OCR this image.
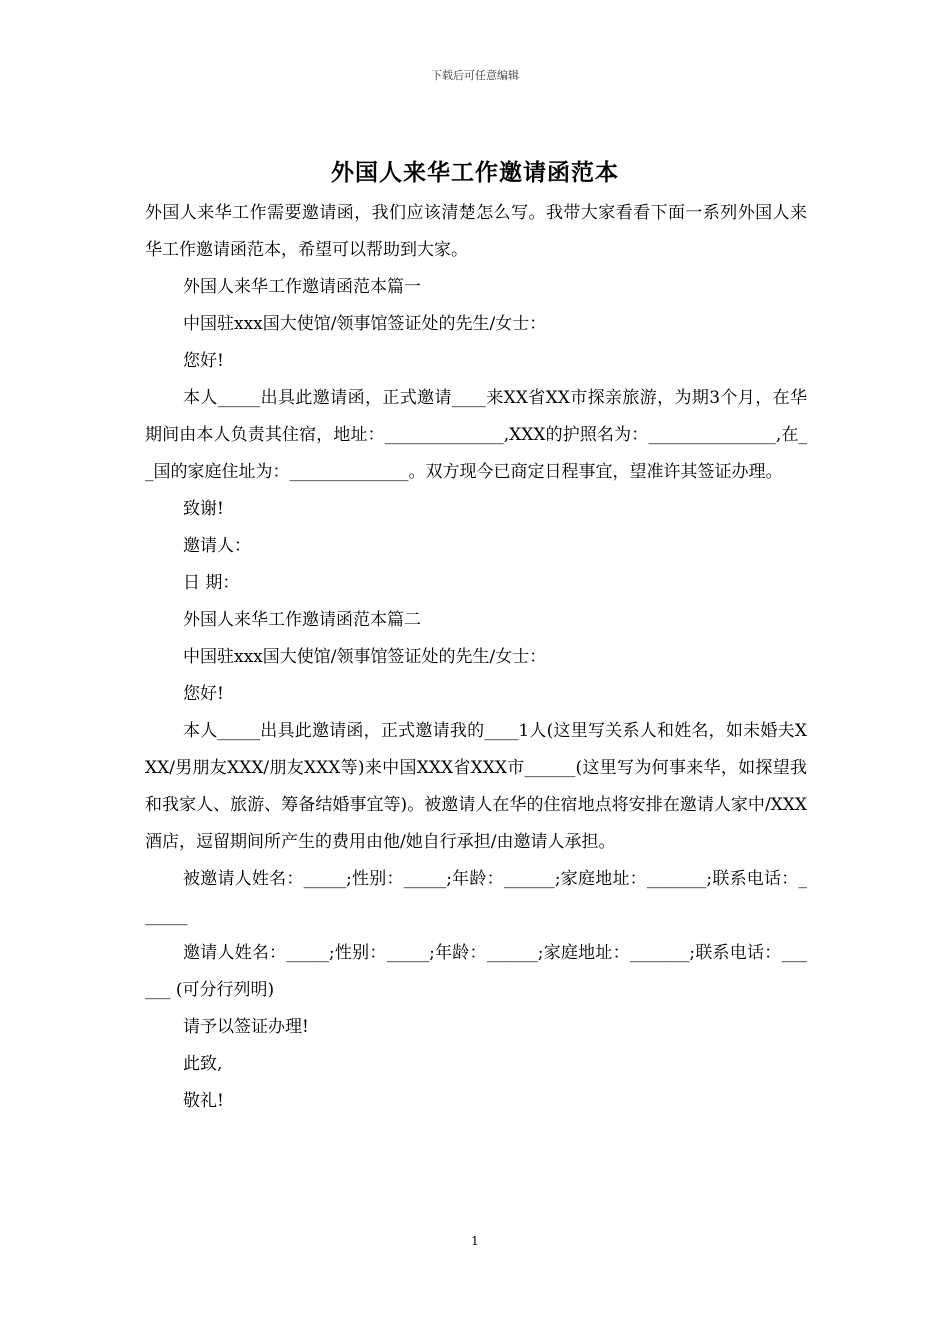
下载后可任意编辑
外国人来华工作邀请函范本

外国人来华工作需要邀请函，我们应该清楚怎么写。我带大家看看下面一系列外国人来华工作邀请函范本，希望可以帮助到大家。

外国人来华工作邀请函范本篇一

中国驻xxx国大使馆/领事馆签证处的先生/女士：

您好!

本人_____出具此邀请函，正式邀请____来XX省XX市探亲旅游，为期3个月，在华期间由本人负责其住宿，地址：______________,XXX的护照名为：_______________,在__国的家庭住址为：______________。双方现今已商定日程事宜，望准许其签证办理。

致谢!

邀请人：

日 期：

外国人来华工作邀请函范本篇二

中国驻xxx国大使馆/领事馆签证处的先生/女士：

您好!

本人_____出具此邀请函，正式邀请我的____1人(这里写关系人和姓名，如未婚夫XXX/男朋友XXX/朋友XXX等)来中国XXX省XXX市______(这里写为何事来华，如探望我和我家人、旅游、筹备结婚事宜等)。被邀请人在华的住宿地点将安排在邀请人家中/XXX酒店，逗留期间所产生的费用由他/她自行承担/由邀请人承担。

被邀请人姓名：_____;性别：_____;年龄：______;家庭地址：_______;联系电话：______

邀请人姓名：_____;性别：_____;年龄：______;家庭地址：_______;联系电话：______ (可分行列明)

请予以签证办理!

此致,

敬礼!

1
